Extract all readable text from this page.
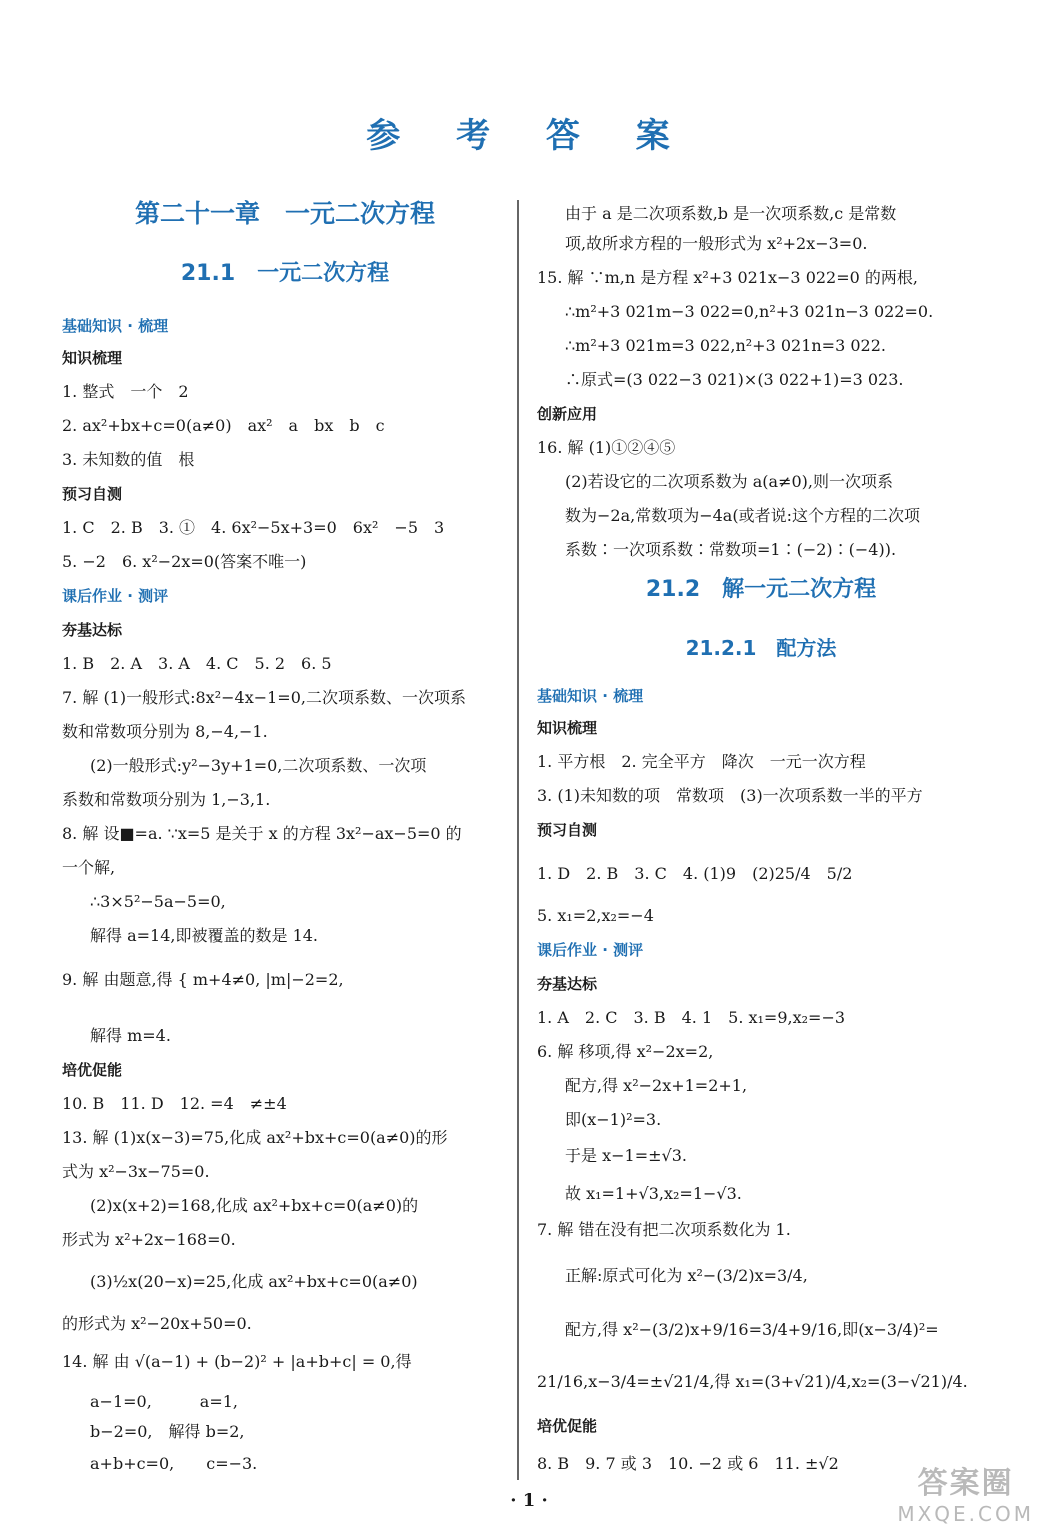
参 考 答 案
第二十一章　一元二次方程
21.1　一元二次方程
基础知识 · 梳理
知识梳理
1. 整式　一个　2
2. ax²+bx+c=0(a≠0)　ax²　a　bx　b　c
3. 未知数的值　根
预习自测
1. C　2. B　3. ①　4. 6x²−5x+3=0　6x²　−5　3
5. −2　6. x²−2x=0(答案不唯一)
课后作业 · 测评
夯基达标
1. B　2. A　3. A　4. C　5. 2　6. 5
7. 解 (1)一般形式:8x²−4x−1=0,二次项系数、一次项系
数和常数项分别为 8,−4,−1.
(2)一般形式:y²−3y+1=0,二次项系数、一次项
系数和常数项分别为 1,−3,1.
8. 解 设■=a. ∵x=5 是关于 x 的方程 3x²−ax−5=0 的
一个解,
∴3×5²−5a−5=0,
解得 a=14,即被覆盖的数是 14.
9. 解 由题意,得 { m+4≠0, |m|−2=2,
解得 m=4.
培优促能
10. B　11. D　12. =4　≠±4
13. 解 (1)x(x−3)=75,化成 ax²+bx+c=0(a≠0)的形
式为 x²−3x−75=0.
(2)x(x+2)=168,化成 ax²+bx+c=0(a≠0)的
形式为 x²+2x−168=0.
(3)½x(20−x)=25,化成 ax²+bx+c=0(a≠0)
的形式为 x²−20x+50=0.
14. 解 由 √(a−1) + (b−2)² + |a+b+c| = 0,得
a−1=0,　　　a=1,
b−2=0,　解得 b=2,
a+b+c=0,　　c=−3.
由于 a 是二次项系数,b 是一次项系数,c 是常数
项,故所求方程的一般形式为 x²+2x−3=0.
15. 解 ∵m,n 是方程 x²+3 021x−3 022=0 的两根,
∴m²+3 021m−3 022=0,n²+3 021n−3 022=0.
∴m²+3 021m=3 022,n²+3 021n=3 022.
∴原式=(3 022−3 021)×(3 022+1)=3 023.
创新应用
16. 解 (1)①②④⑤
(2)若设它的二次项系数为 a(a≠0),则一次项系
数为−2a,常数项为−4a(或者说:这个方程的二次项
系数∶一次项系数∶常数项=1∶(−2)∶(−4)).
21.2　解一元二次方程
21.2.1　配方法
基础知识 · 梳理
知识梳理
1. 平方根　2. 完全平方　降次　一元一次方程
3. (1)未知数的项　常数项　(3)一次项系数一半的平方
预习自测
1. D　2. B　3. C　4. (1)9　(2)25/4　5/2
5. x₁=2,x₂=−4
课后作业 · 测评
夯基达标
1. A　2. C　3. B　4. 1　5. x₁=9,x₂=−3
6. 解 移项,得 x²−2x=2,
配方,得 x²−2x+1=2+1,
即(x−1)²=3.
于是 x−1=±√3.
故 x₁=1+√3,x₂=1−√3.
7. 解 错在没有把二次项系数化为 1.
正解:原式可化为 x²−(3/2)x=3/4,
配方,得 x²−(3/2)x+9/16=3/4+9/16,即(x−3/4)²=
21/16,x−3/4=±√21/4,得 x₁=(3+√21)/4,x₂=(3−√21)/4.
培优促能
8. B　9. 7 或 3　10. −2 或 6　11. ±√2
· 1 ·	答案圈
MXQE.COM
